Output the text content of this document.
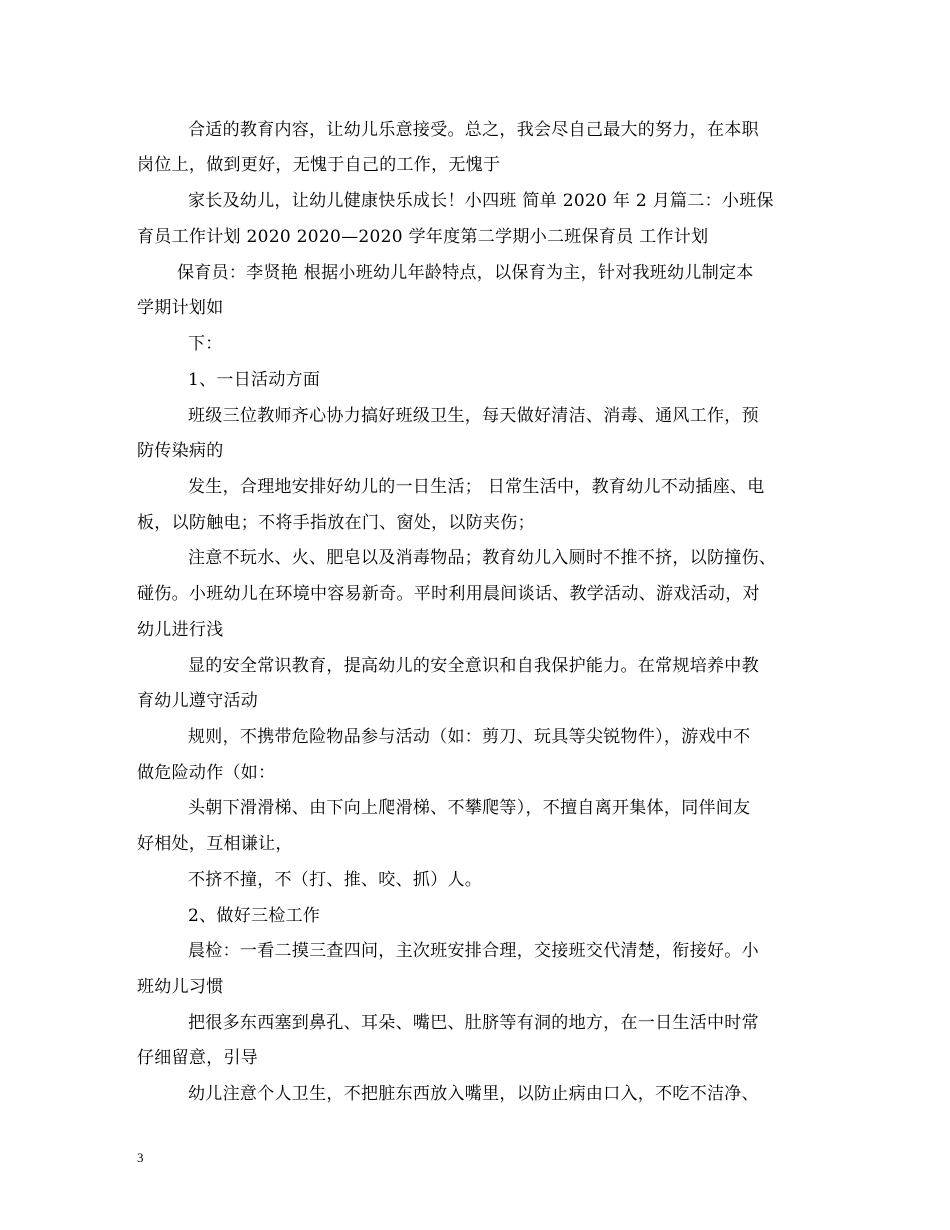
合适的教育内容，让幼儿乐意接受。总之，我会尽自己最大的努力，在本职
岗位上，做到更好，无愧于自己的工作，无愧于
家长及幼儿，让幼儿健康快乐成长！小四班 简单 2020 年 2 月篇二：小班保
育员工作计划 2020 2020—2020 学年度第二学期小二班保育员 工作计划
保育员：李贤艳 根据小班幼儿年龄特点，以保育为主，针对我班幼儿制定本
学期计划如
下：
1、一日活动方面
班级三位教师齐心协力搞好班级卫生，每天做好清洁、消毒、通风工作，预
防传染病的
发生，合理地安排好幼儿的一日生活； 日常生活中，教育幼儿不动插座、电
板，以防触电；不将手指放在门、窗处，以防夹伤；
注意不玩水、火、肥皂以及消毒物品；教育幼儿入厕时不推不挤，以防撞伤、
碰伤。小班幼儿在环境中容易新奇。平时利用晨间谈话、教学活动、游戏活动，对
幼儿进行浅
显的安全常识教育，提高幼儿的安全意识和自我保护能力。在常规培养中教
育幼儿遵守活动
规则，不携带危险物品参与活动（如：剪刀、玩具等尖锐物件），游戏中不
做危险动作（如：
头朝下滑滑梯、由下向上爬滑梯、不攀爬等），不擅自离开集体，同伴间友
好相处，互相谦让，
不挤不撞，不（打、推、咬、抓）人。
2、做好三检工作
晨检：一看二摸三查四问，主次班安排合理，交接班交代清楚，衔接好。小
班幼儿习惯
把很多东西塞到鼻孔、耳朵、嘴巴、肚脐等有洞的地方，在一日生活中时常
仔细留意，引导
幼儿注意个人卫生，不把脏东西放入嘴里，以防止病由口入，不吃不洁净、
3
